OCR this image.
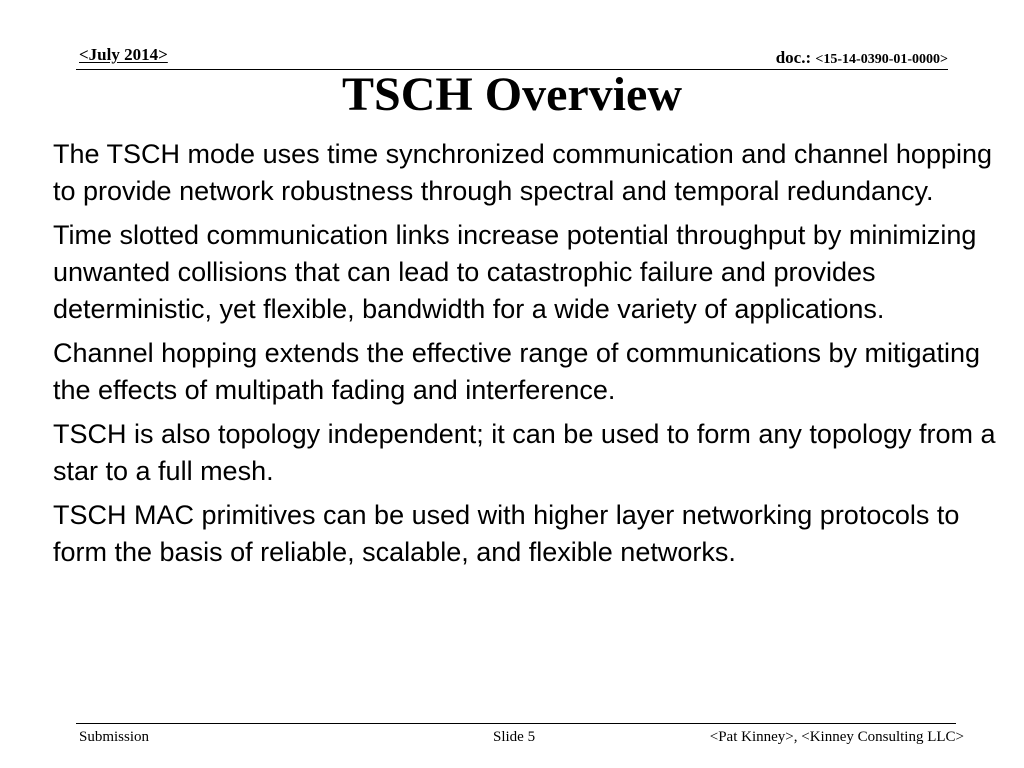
<July 2014>	doc.: <15-14-0390-01-0000>
TSCH Overview

The TSCH mode uses time synchronized communication and channel hopping to provide network robustness through spectral and temporal redundancy.

Time slotted communication links increase potential throughput by minimizing unwanted collisions that can lead to catastrophic failure and provides deterministic, yet flexible, bandwidth for a wide variety of applications.

Channel hopping extends the effective range of communications by mitigating the effects of multipath fading and interference.

TSCH is also topology independent; it can be used to form any topology from a star to a full mesh.

TSCH MAC primitives can be used with higher layer networking protocols to form the basis of reliable, scalable, and flexible networks.

Submission	Slide 5	<Pat Kinney>, <Kinney Consulting LLC>
